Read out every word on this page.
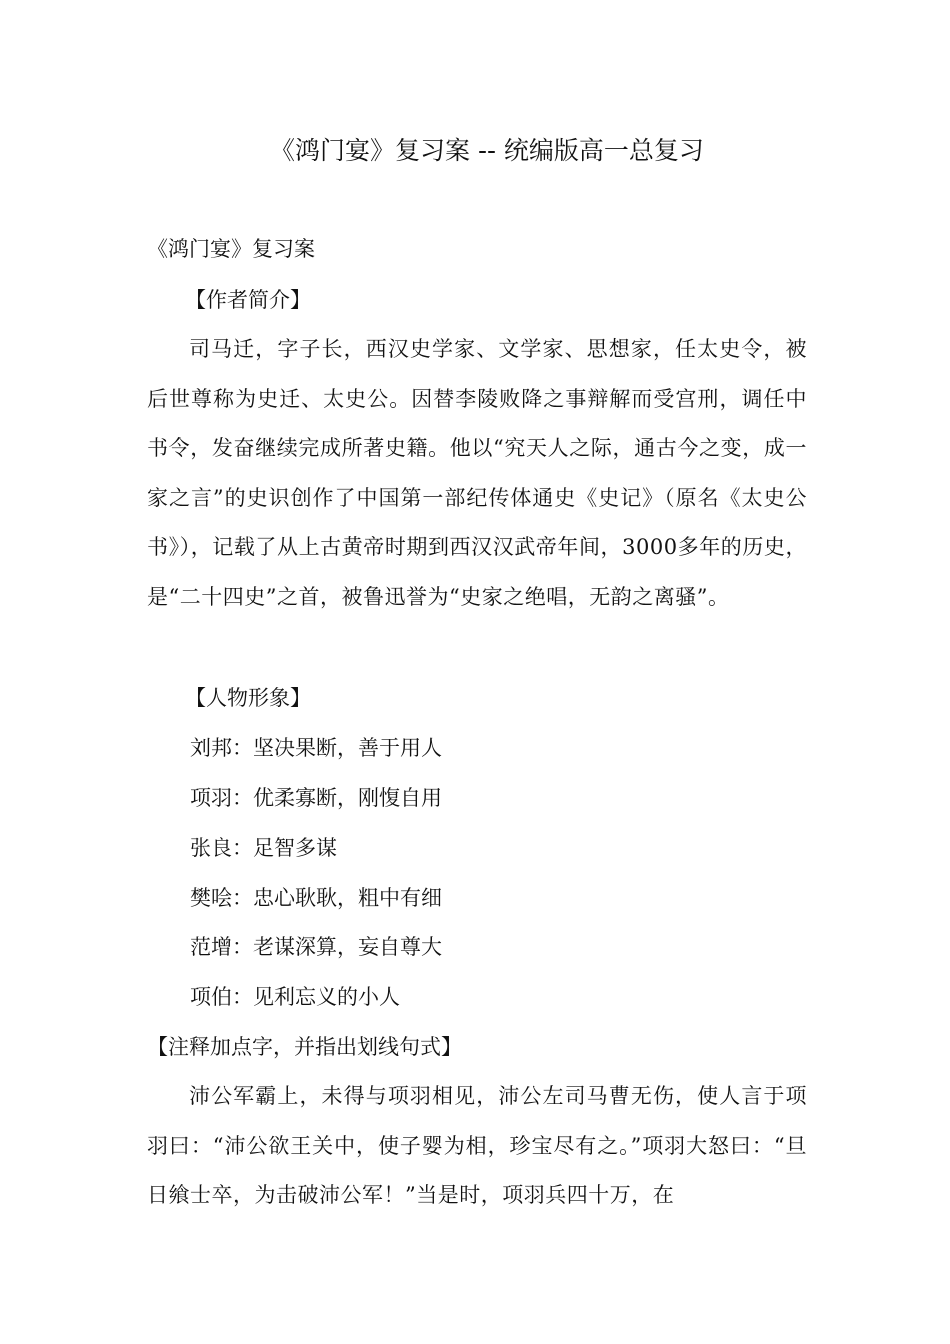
《鸿门宴》复习案 -- 统编版高一总复习
《鸿门宴》复习案
【作者简介】
司马迁，字子长，西汉史学家、文学家、思想家，任太史令，被后世尊称为史迁、太史公。因替李陵败降之事辩解而受宫刑，调任中书令，发奋继续完成所著史籍。他以“究天人之际，通古今之变，成一家之言”的史识创作了中国第一部纪传体通史《史记》（原名《太史公书》），记载了从上古黄帝时期到西汉汉武帝年间，3000多年的历史，是“二十四史”之首，被鲁迅誉为“史家之绝唱，无韵之离骚”。
【人物形象】
刘邦：坚决果断，善于用人
项羽：优柔寡断，刚愎自用
张良：足智多谋
樊哙：忠心耿耿，粗中有细
范增：老谋深算，妄自尊大
项伯：见利忘义的小人
【注释加点字，并指出划线句式】
沛公军霸上，未得与项羽相见，沛公左司马曹无伤，使人言于项羽曰：“沛公欲王关中，使子婴为相，珍宝尽有之。”项羽大怒曰：“旦日飨士卒，为击破沛公军！”当是时，项羽兵四十万，在
